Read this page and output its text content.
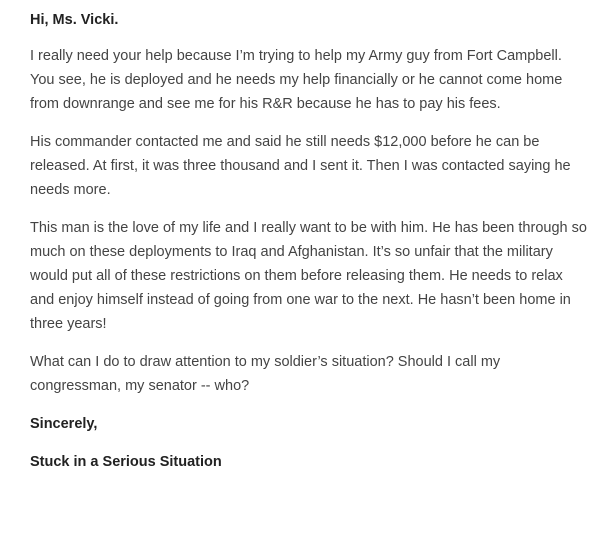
Hi, Ms. Vicki.

I really need your help because I’m trying to help my Army guy from Fort Campbell. You see, he is deployed and he needs my help financially or he cannot come home from downrange and see me for his R&R because he has to pay his fees.

His commander contacted me and said he still needs $12,000 before he can be released. At first, it was three thousand and I sent it. Then I was contacted saying he needs more.

This man is the love of my life and I really want to be with him. He has been through so much on these deployments to Iraq and Afghanistan. It’s so unfair that the military would put all of these restrictions on them before releasing them. He needs to relax and enjoy himself instead of going from one war to the next. He hasn’t been home in three years!

What can I do to draw attention to my soldier’s situation? Should I call my congressman, my senator -- who?

Sincerely,

Stuck in a Serious Situation
